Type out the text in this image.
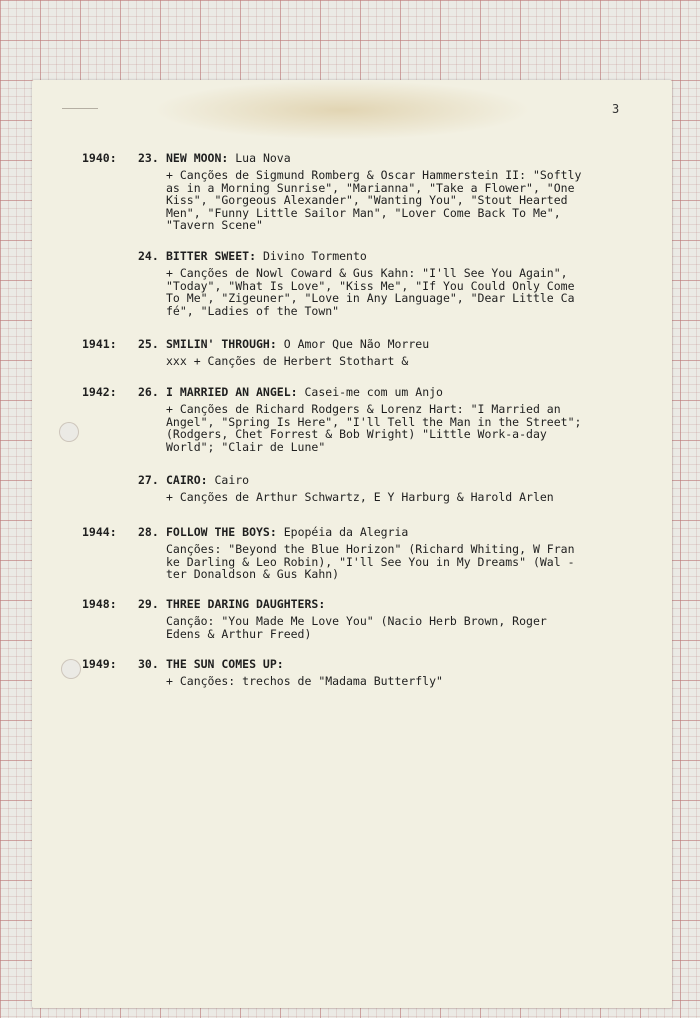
3
1940:	23. NEW MOON: Lua Nova
+ Canções de Sigmund Romberg & Oscar Hammerstein II: "Softly
as in a Morning Sunrise", "Marianna", "Take a Flower", "One
Kiss", "Gorgeous Alexander", "Wanting You", "Stout Hearted
Men", "Funny Little Sailor Man", "Lover Come Back To Me",
"Tavern Scene"
24. BITTER SWEET: Divino Tormento
+ Canções de Nowl Coward & Gus Kahn: "I'll See You Again",
"Today", "What Is Love", "Kiss Me", "If You Could Only Come
To Me", "Zigeuner", "Love in Any Language", "Dear Little Ca
fé", "Ladies of the Town"
1941:	25. SMILIN' THROUGH: O Amor Que Não Morreu
xxx + Canções de Herbert Stothart &
1942:	26. I MARRIED AN ANGEL: Casei-me com um Anjo
+ Canções de Richard Rodgers & Lorenz Hart: "I Married an
Angel", "Spring Is Here", "I'll Tell the Man in the Street";
(Rodgers, Chet Forrest & Bob Wright) "Little Work-a-day
World"; "Clair de Lune"
27. CAIRO: Cairo
+ Canções de Arthur Schwartz, E Y Harburg & Harold Arlen
1944:	28. FOLLOW THE BOYS: Epopéia da Alegria
Canções: "Beyond the Blue Horizon" (Richard Whiting, W Fran
ke Darling & Leo Robin), "I'll See You in My Dreams" (Wal -
ter Donaldson & Gus Kahn)
1948:	29. THREE DARING DAUGHTERS:
Canção: "You Made Me Love You" (Nacio Herb Brown, Roger
Edens & Arthur Freed)
1949:	30. THE SUN COMES UP:
+ Canções: trechos de "Madama Butterfly"
